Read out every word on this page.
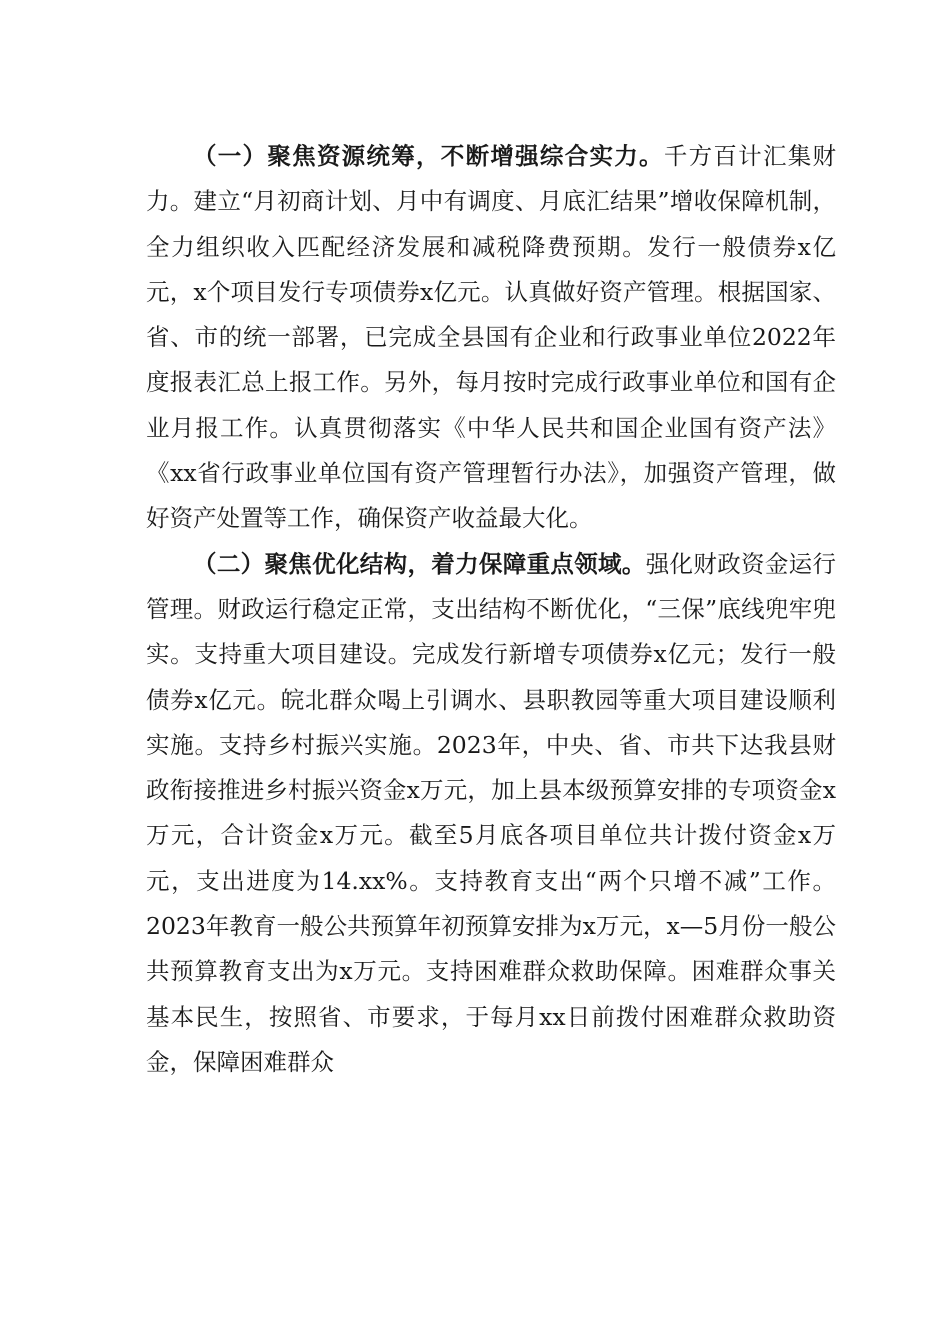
（一）聚焦资源统筹，不断增强综合实力。千方百计汇集财力。建立“月初商计划、月中有调度、月底汇结果”增收保障机制，全力组织收入匹配经济发展和减税降费预期。发行一般债券x亿元，x个项目发行专项债券x亿元。认真做好资产管理。根据国家、省、市的统一部署，已完成全县国有企业和行政事业单位2022年度报表汇总上报工作。另外，每月按时完成行政事业单位和国有企业月报工作。认真贯彻落实《中华人民共和国企业国有资产法》《xx省行政事业单位国有资产管理暂行办法》，加强资产管理，做好资产处置等工作，确保资产收益最大化。

（二）聚焦优化结构，着力保障重点领域。强化财政资金运行管理。财政运行稳定正常，支出结构不断优化，“三保”底线兜牢兜实。支持重大项目建设。完成发行新增专项债券x亿元；发行一般债券x亿元。皖北群众喝上引调水、县职教园等重大项目建设顺利实施。支持乡村振兴实施。2023年，中央、省、市共下达我县财政衔接推进乡村振兴资金x万元，加上县本级预算安排的专项资金x万元，合计资金x万元。截至5月底各项目单位共计拨付资金x万元，支出进度为14.xx%。支持教育支出“两个只增不减”工作。2023年教育一般公共预算年初预算安排为x万元，x—5月份一般公共预算教育支出为x万元。支持困难群众救助保障。困难群众事关基本民生，按照省、市要求，于每月xx日前拨付困难群众救助资金，保障困难群众
